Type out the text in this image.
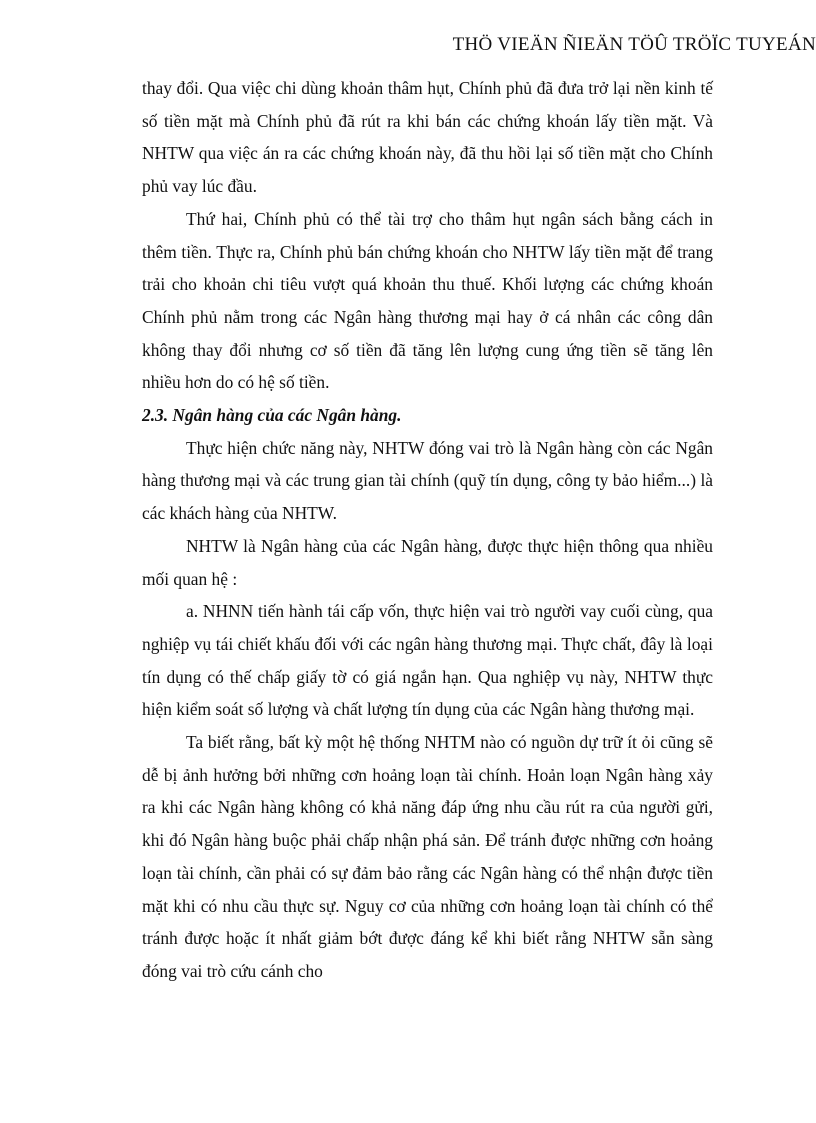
THÖ VIEÄN ÑIEÄN TÖÛ TRÖÏC TUYEÁN

thay đổi. Qua việc chi dùng khoản thâm hụt, Chính phủ đã đưa trở lại nền kinh tế số tiền mặt mà Chính phủ đã rút ra khi bán các chứng khoán lấy tiền mặt. Và NHTW qua việc án ra các chứng khoán này, đã thu hồi lại số tiền mặt cho Chính phủ vay lúc đầu.

Thứ hai, Chính phủ có thể tài trợ cho thâm hụt ngân sách bằng cách in thêm tiền. Thực ra, Chính phủ bán chứng khoán cho NHTW lấy tiền mặt để trang trải cho khoản chi tiêu vượt quá khoản thu thuế. Khối lượng các chứng khoán Chính phủ nằm trong các Ngân hàng thương mại hay ở cá nhân các công dân không thay đổi nhưng cơ số tiền đã tăng lên lượng cung ứng tiền sẽ tăng lên nhiều hơn do có hệ số tiền.

2.3. Ngân hàng của các Ngân hàng.

Thực hiện chức năng này, NHTW đóng vai trò là Ngân hàng còn các Ngân hàng thương mại và các trung gian tài chính (quỹ tín dụng, công ty bảo hiểm...) là các khách hàng của NHTW.

NHTW là Ngân hàng của các Ngân hàng, được thực hiện thông qua nhiều mối quan hệ :

a. NHNN tiến hành tái cấp vốn, thực hiện vai trò người vay cuối cùng, qua nghiệp vụ tái chiết khấu đối với các ngân hàng thương mại. Thực chất, đây là loại tín dụng có thế chấp giấy tờ có giá ngắn hạn. Qua nghiệp vụ này, NHTW thực hiện kiểm soát số lượng và chất lượng tín dụng của các Ngân hàng thương mại.

Ta biết rằng, bất kỳ một hệ thống NHTM nào có nguồn dự trữ ít ỏi cũng sẽ dễ bị ảnh hưởng bởi những cơn hoảng loạn tài chính. Hoản loạn Ngân hàng xảy ra khi các Ngân hàng không có khả năng đáp ứng nhu cầu rút ra của người gửi, khi đó Ngân hàng buộc phải chấp nhận phá sản. Để tránh được những cơn hoảng loạn tài chính, cần phải có sự đảm bảo rằng các Ngân hàng có thể nhận được tiền mặt khi có nhu cầu thực sự. Nguy cơ của những cơn hoảng loạn tài chính có thể tránh được hoặc ít nhất giảm bớt được đáng kể khi biết rằng NHTW sẵn sàng đóng vai trò cứu cánh cho
